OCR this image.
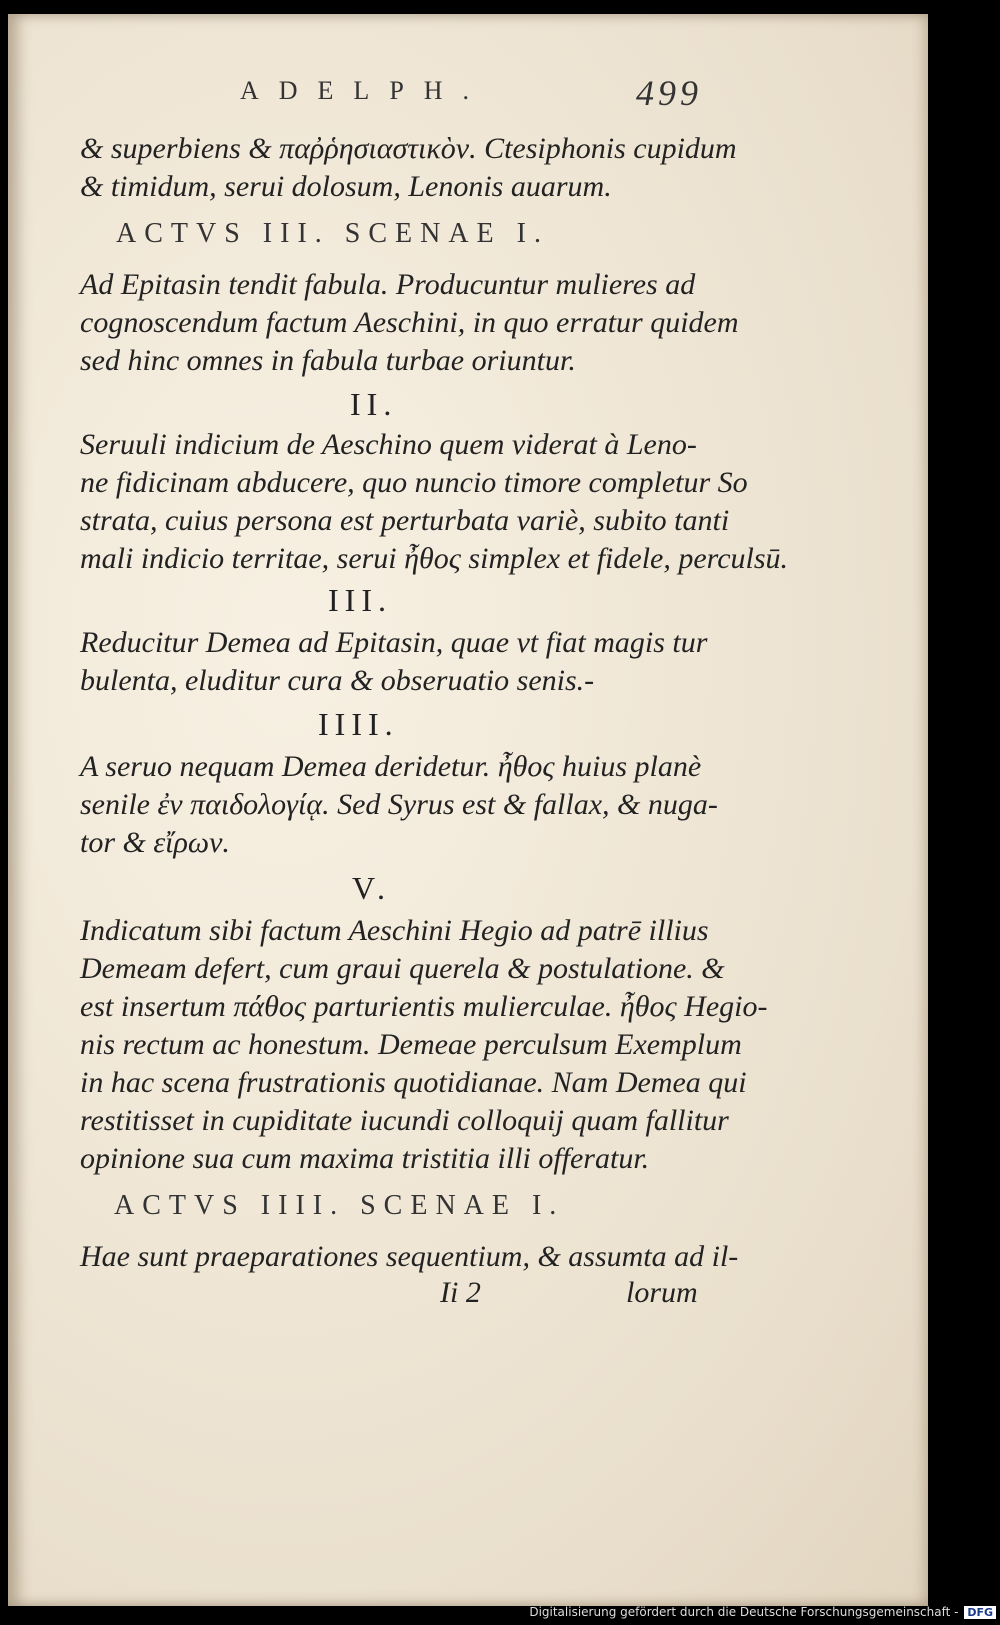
ADELPH.	499
& superbiens & παῤῥησιαστικὸν. Ctesiphonis cupidum
& timidum, serui dolosum, Lenonis auarum.
ACTVS III. SCENAE I.
Ad Epitasin tendit fabula. Producuntur mulieres ad
cognoscendum factum Aeschini, in quo erratur quidem
sed hinc omnes in fabula turbae oriuntur.
II.
Seruuli indicium de Aeschino quem viderat à Leno-
ne fidicinam abducere, quo nuncio timore completur So
strata, cuius persona est perturbata variè, subito tanti
mali indicio territae, serui ἦθος simplex et fidele, perculsū.
III.
Reducitur Demea ad Epitasin, quae vt fiat magis tur
bulenta, eluditur cura & obseruatio senis.-
IIII.
A seruo nequam Demea deridetur. ἦθος huius planè
senile ἐν παιδολογίᾳ. Sed Syrus est & fallax, & nuga-
tor & εἴρων.
V.
Indicatum sibi factum Aeschini Hegio ad patrē illius
Demeam defert, cum graui querela & postulatione. &
est insertum πάθος parturientis mulierculae. ἦθος Hegio-
nis rectum ac honestum. Demeae perculsum Exemplum
in hac scena frustrationis quotidianae. Nam Demea qui
restitisset in cupiditate iucundi colloquij quam fallitur
opinione sua cum maxima tristitia illi offeratur.
ACTVS IIII. SCENAE I.
Hae sunt praeparationes sequentium, & assumta ad il-
Ii 2	lorum
Digitalisierung gefördert durch die Deutsche Forschungsgemeinschaft - DFG
